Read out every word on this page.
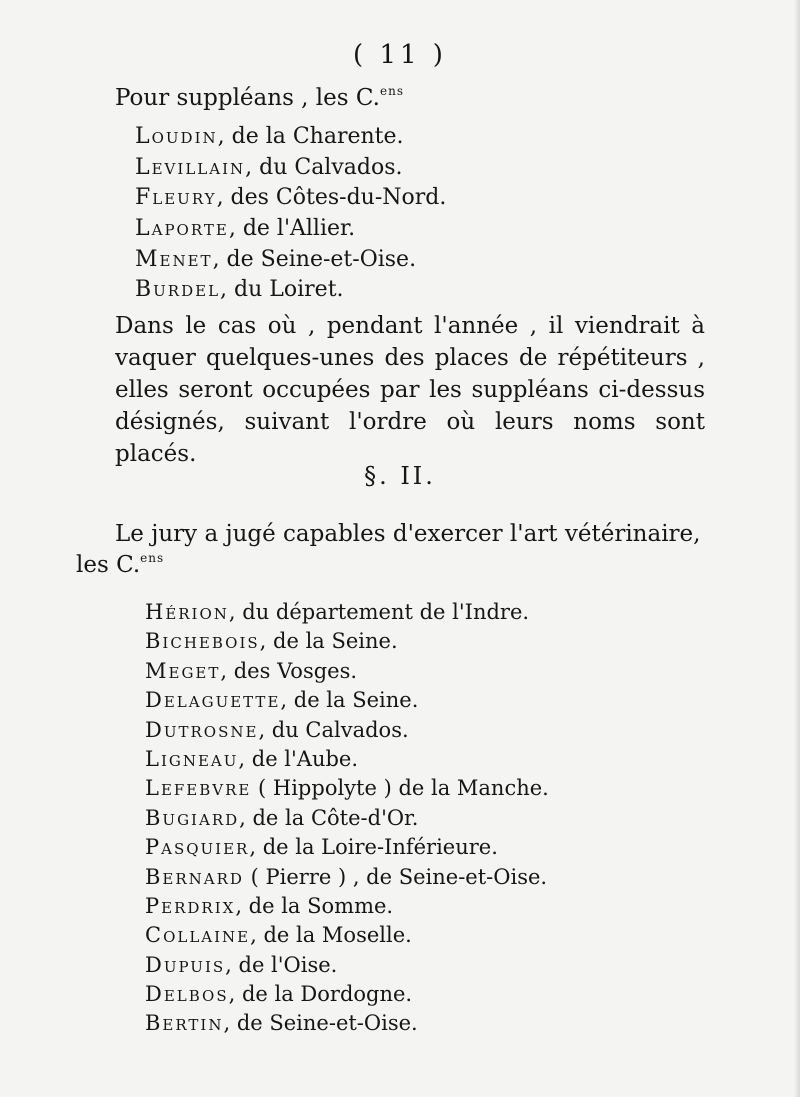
( 11 )
Pour suppléans , les C.$^{ens}$
Loudin, de la Charente.
Levillain, du Calvados.
Fleury, des Côtes-du-Nord.
Laporte, de l'Allier.
Menet, de Seine-et-Oise.
Burdel, du Loiret.
Dans le cas où , pendant l'année , il viendrait à vaquer quelques-unes des places de répétiteurs , elles seront occupées par les suppléans ci-dessus désignés, suivant l'ordre où leurs noms sont placés.
§. II.
Le jury a jugé capables d'exercer l'art vétérinaire,
les C.$^{ens}$
Hérion, du département de l'Indre.
Bichebois, de la Seine.
Meget, des Vosges.
Delaguette, de la Seine.
Dutrosne, du Calvados.
Ligneau, de l'Aube.
Lefebvre ( Hippolyte ) de la Manche.
Bugiard, de la Côte-d'Or.
Pasquier, de la Loire-Inférieure.
Bernard ( Pierre ) , de Seine-et-Oise.
Perdrix, de la Somme.
Collaine, de la Moselle.
Dupuis, de l'Oise.
Delbos, de la Dordogne.
Bertin, de Seine-et-Oise.
